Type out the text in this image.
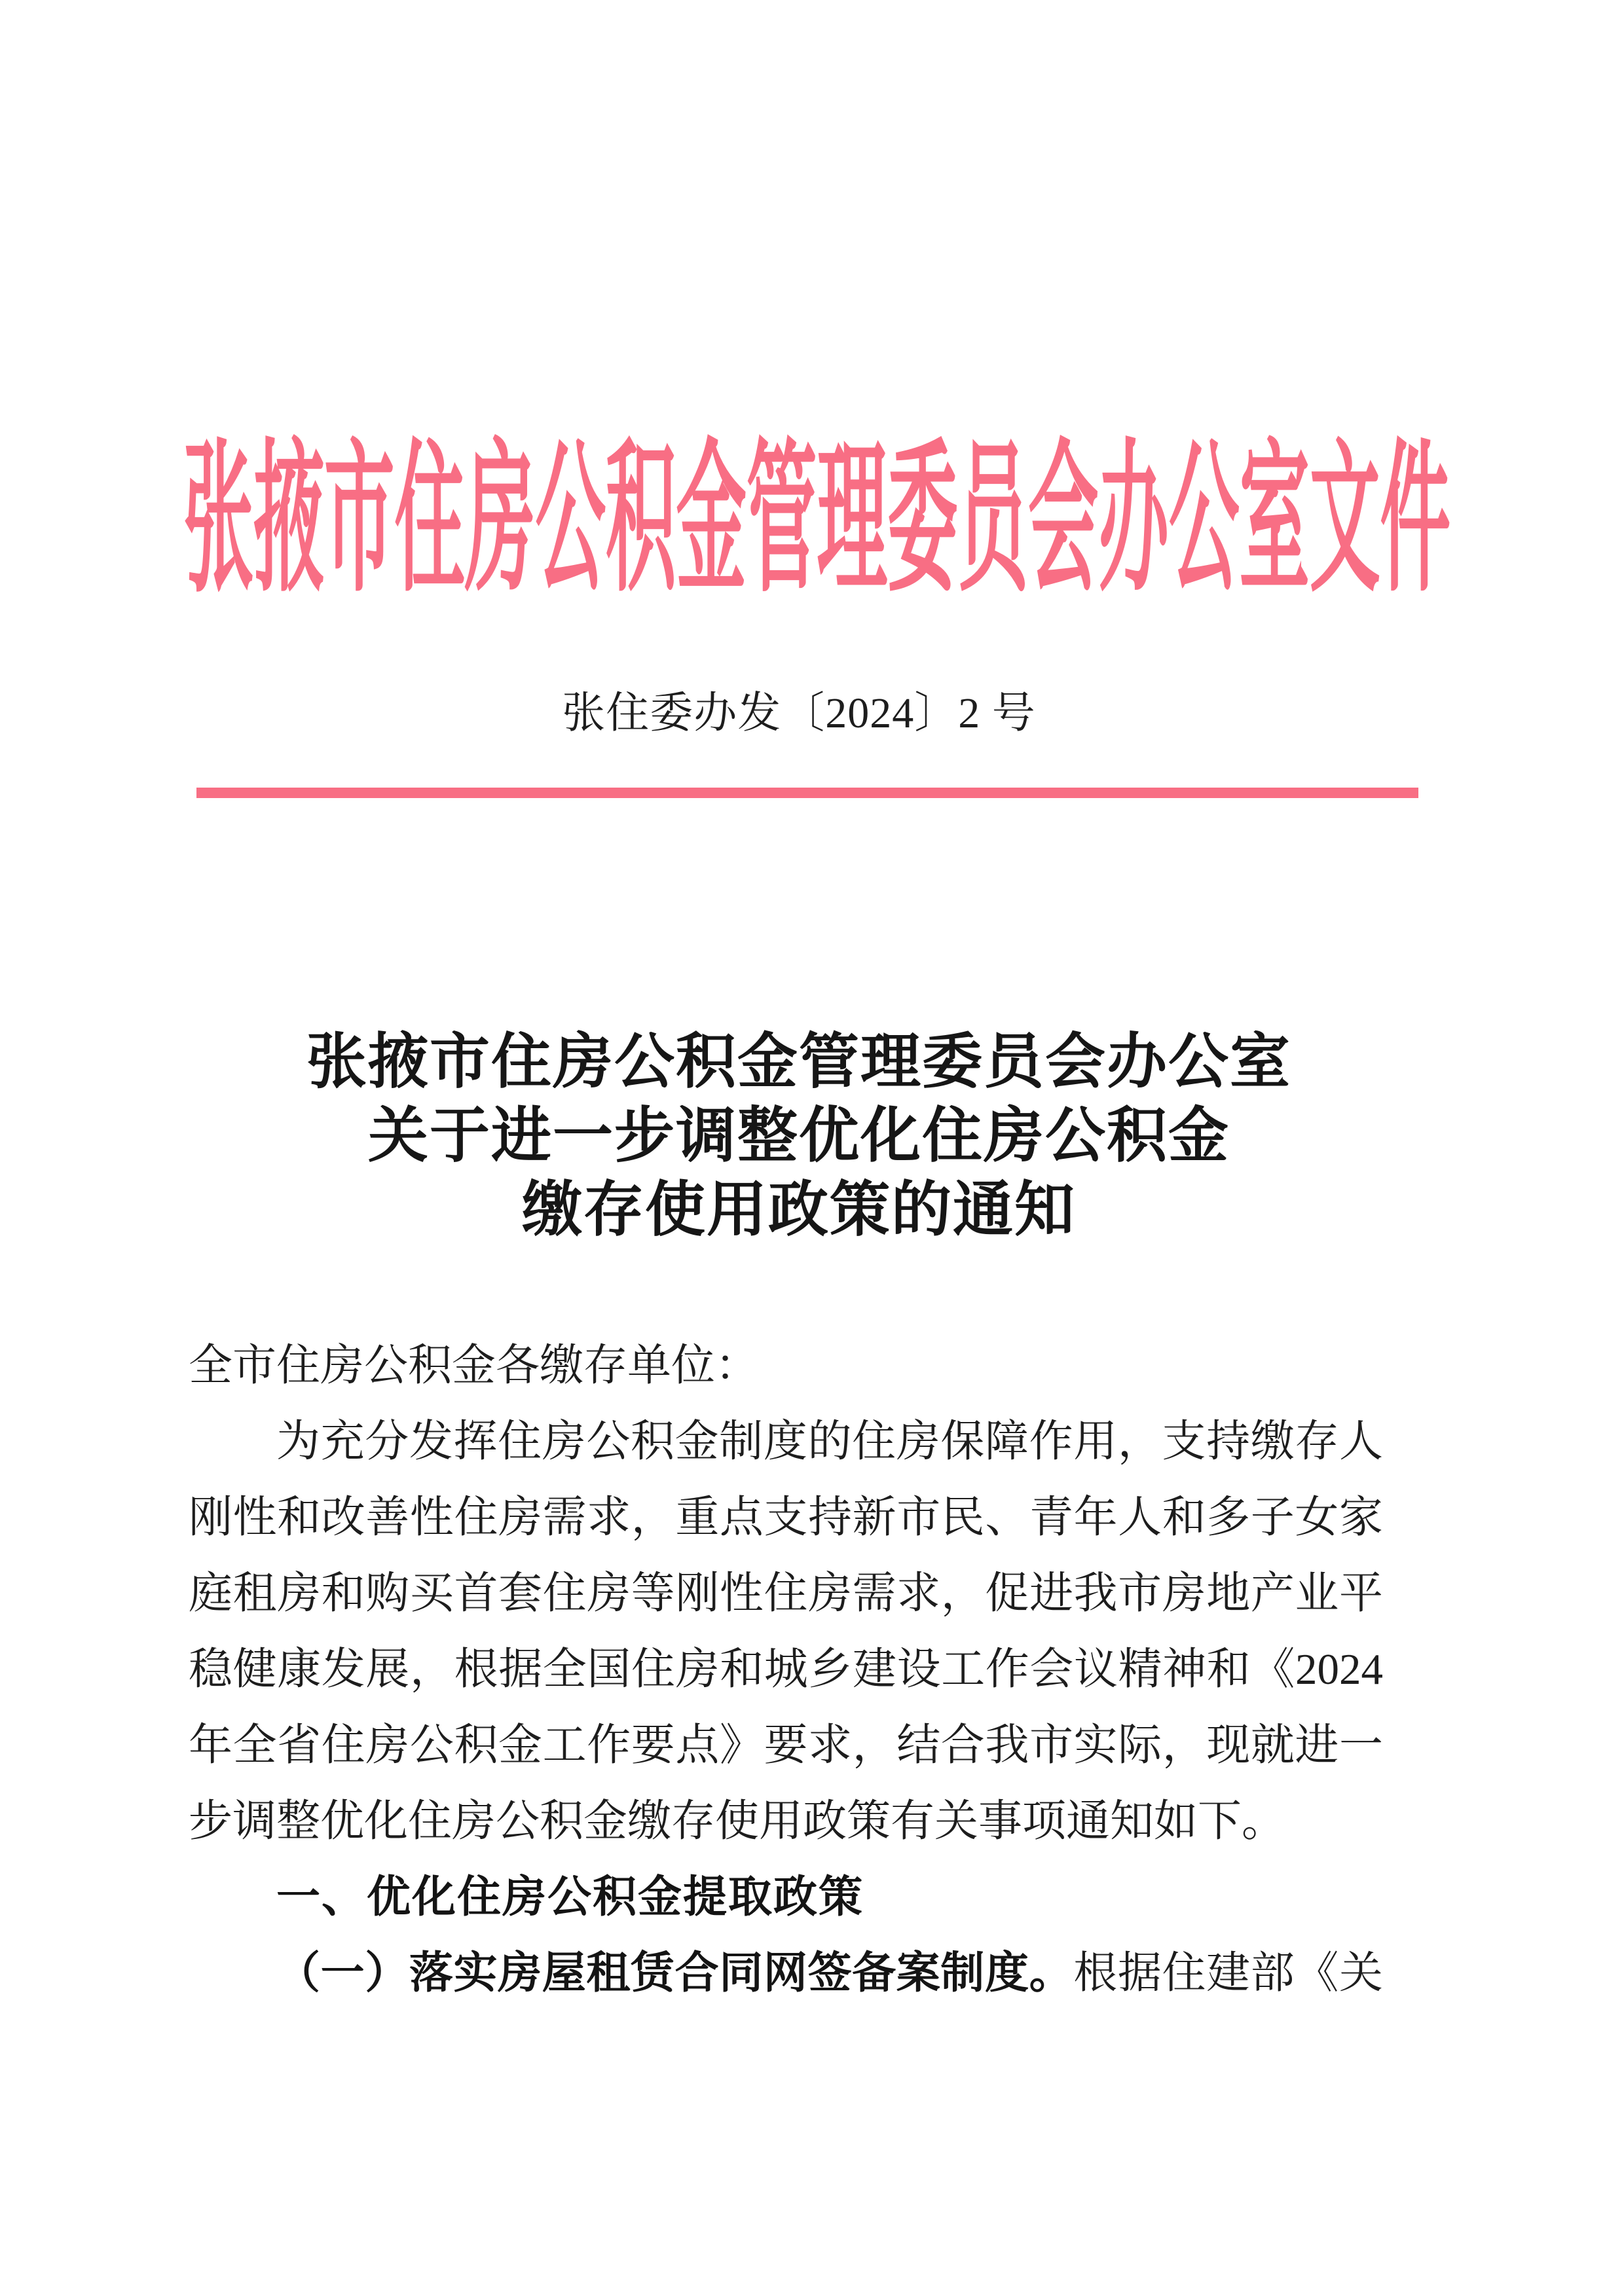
张掖市住房公积金管理委员会办公室文件
张住委办发〔2024〕2 号
张掖市住房公积金管理委员会办公室
关于进一步调整优化住房公积金
缴存使用政策的通知
全市住房公积金各缴存单位：
为充分发挥住房公积金制度的住房保障作用，支持缴存人
刚性和改善性住房需求，重点支持新市民、青年人和多子女家
庭租房和购买首套住房等刚性住房需求，促进我市房地产业平
稳健康发展，根据全国住房和城乡建设工作会议精神和《2024
年全省住房公积金工作要点》要求，结合我市实际，现就进一
步调整优化住房公积金缴存使用政策有关事项通知如下。
一、优化住房公积金提取政策
（一）落实房屋租赁合同网签备案制度。根据住建部《关
